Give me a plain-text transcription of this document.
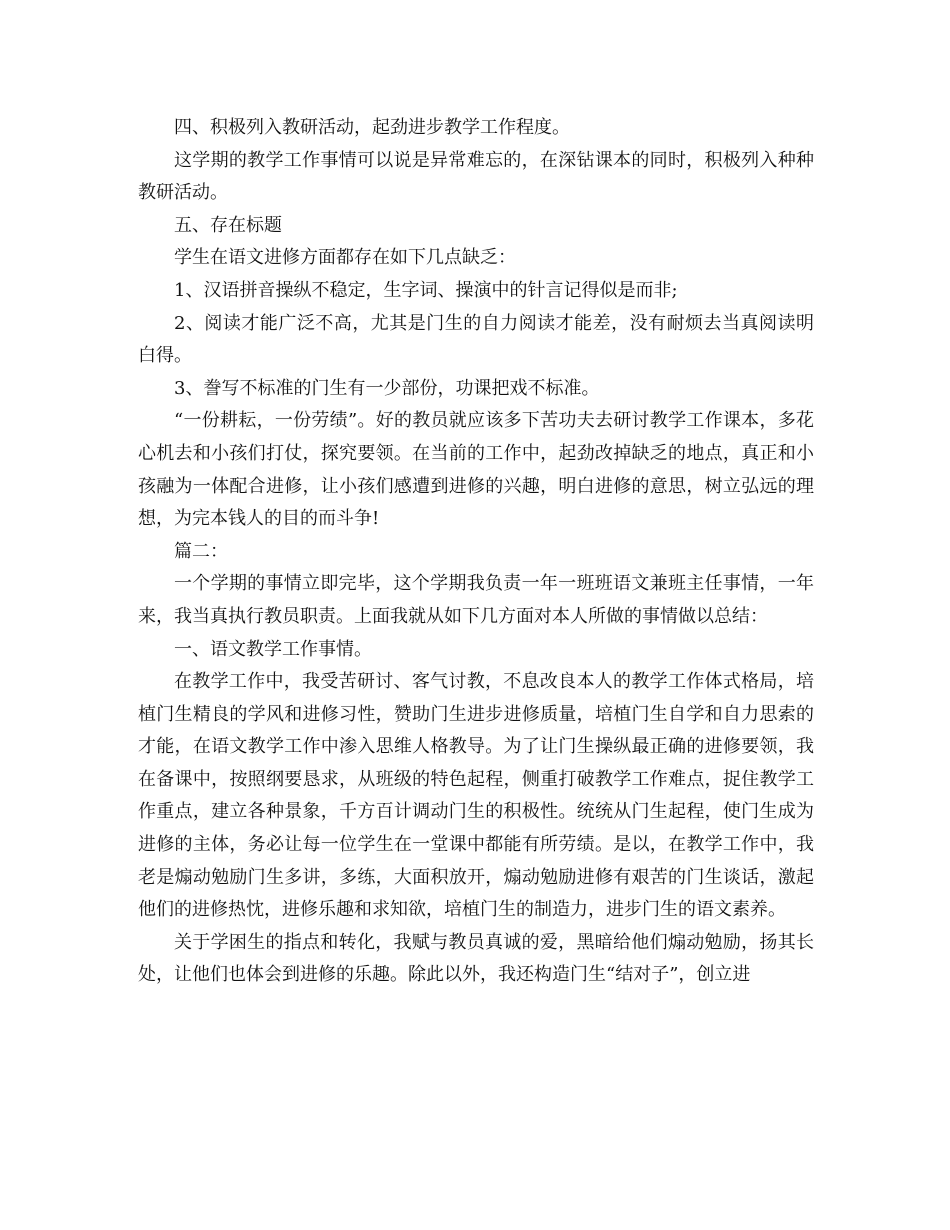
四、积极列入教研活动，起劲进步教学工作程度。

这学期的教学工作事情可以说是异常难忘的，在深钻课本的同时，积极列入种种教研活动。

五、存在标题

学生在语文进修方面都存在如下几点缺乏：

1、汉语拼音操纵不稳定，生字词、操演中的针言记得似是而非;

2、阅读才能广泛不高，尤其是门生的自力阅读才能差，没有耐烦去当真阅读明白得。

3、誊写不标准的门生有一少部份，功课把戏不标准。

“一份耕耘，一份劳绩”。好的教员就应该多下苦功夫去研讨教学工作课本，多花心机去和小孩们打仗，探究要领。在当前的工作中，起劲改掉缺乏的地点，真正和小孩融为一体配合进修，让小孩们感遭到进修的兴趣，明白进修的意思，树立弘远的理想，为完本钱人的目的而斗争!

篇二：

一个学期的事情立即完毕，这个学期我负责一年一班班语文兼班主任事情，一年来，我当真执行教员职责。上面我就从如下几方面对本人所做的事情做以总结：

一、语文教学工作事情。

在教学工作中，我受苦研讨、客气讨教，不息改良本人的教学工作体式格局，培植门生精良的学风和进修习性，赞助门生进步进修质量，培植门生自学和自力思索的才能，在语文教学工作中渗入思维人格教导。为了让门生操纵最正确的进修要领，我在备课中，按照纲要恳求，从班级的特色起程，侧重打破教学工作难点，捉住教学工作重点，建立各种景象，千方百计调动门生的积极性。统统从门生起程，使门生成为进修的主体，务必让每一位学生在一堂课中都能有所劳绩。是以，在教学工作中，我老是煽动勉励门生多讲，多练，大面积放开，煽动勉励进修有艰苦的门生谈话，激起他们的进修热忱，进修乐趣和求知欲，培植门生的制造力，进步门生的语文素养。

关于学困生的指点和转化，我赋与教员真诚的爱，黑暗给他们煽动勉励，扬其长处，让他们也体会到进修的乐趣。除此以外，我还构造门生“结对子”，创立进
